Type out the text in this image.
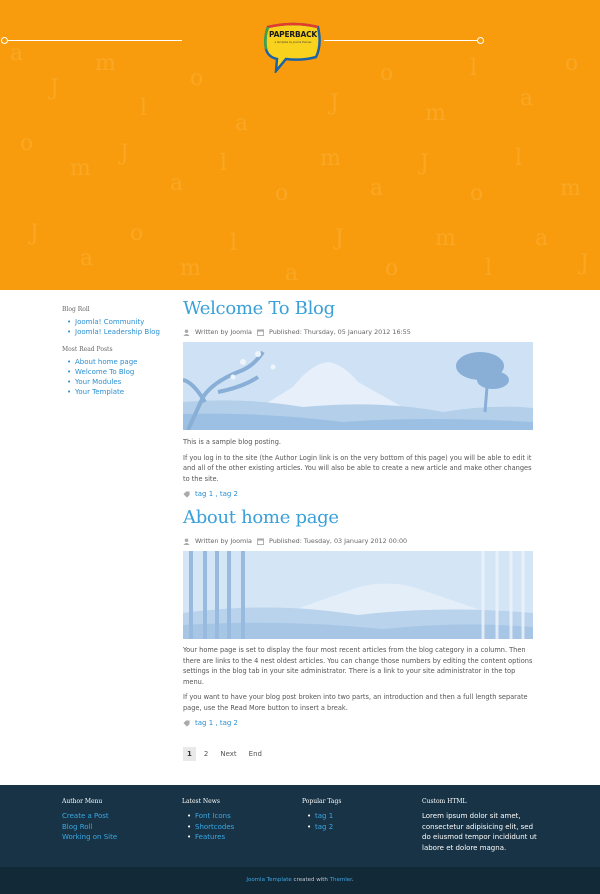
a
J
m
l
o
a
J
o
m
l
a
o
o
m
J
a
l
o
m
a
J
o
l
m
J
a
o
m
l
a
J
o
m
l
a
J
PAPERBACK
a template by Joomla themes
Blog Roll
• Joomla! Community
• Joomla! Leadership Blog
Most Read Posts
• About home page
• Welcome To Blog
• Your Modules
• Your Template
Welcome To Blog
Written by Joomla	Published: Thursday, 05 January 2012 16:55

This is a sample blog posting.

If you log in to the site (the Author Login link is on the very bottom of this page) you will be able to edit it and all of the other existing articles. You will also be able to create a new article and make other changes to the site.

tag 1 , tag 2
About home page
Written by Joomla	Published: Tuesday, 03 January 2012 00:00

Your home page is set to display the four most recent articles from the blog category in a column. Then there are links to the 4 nest oldest articles. You can change those numbers by editing the content options settings in the blog tab in your site administrator. There is a link to your site administrator in the top menu.

If you want to have your blog post broken into two parts, an introduction and then a full length separate page, use the Read More button to insert a break.

tag 1 , tag 2
1	2	Next	End
Author Menu
Create a Post
Blog Roll
Working on Site
Latest News
• Font Icons
• Shortcodes
• Features
Popular Tags
• tag 1
• tag 2
Custom HTML
Lorem ipsum dolor sit amet, consectetur adipisicing elit, sed do eiusmod tempor incididunt ut labore et dolore magna.
Joomla Template created with Themler.
